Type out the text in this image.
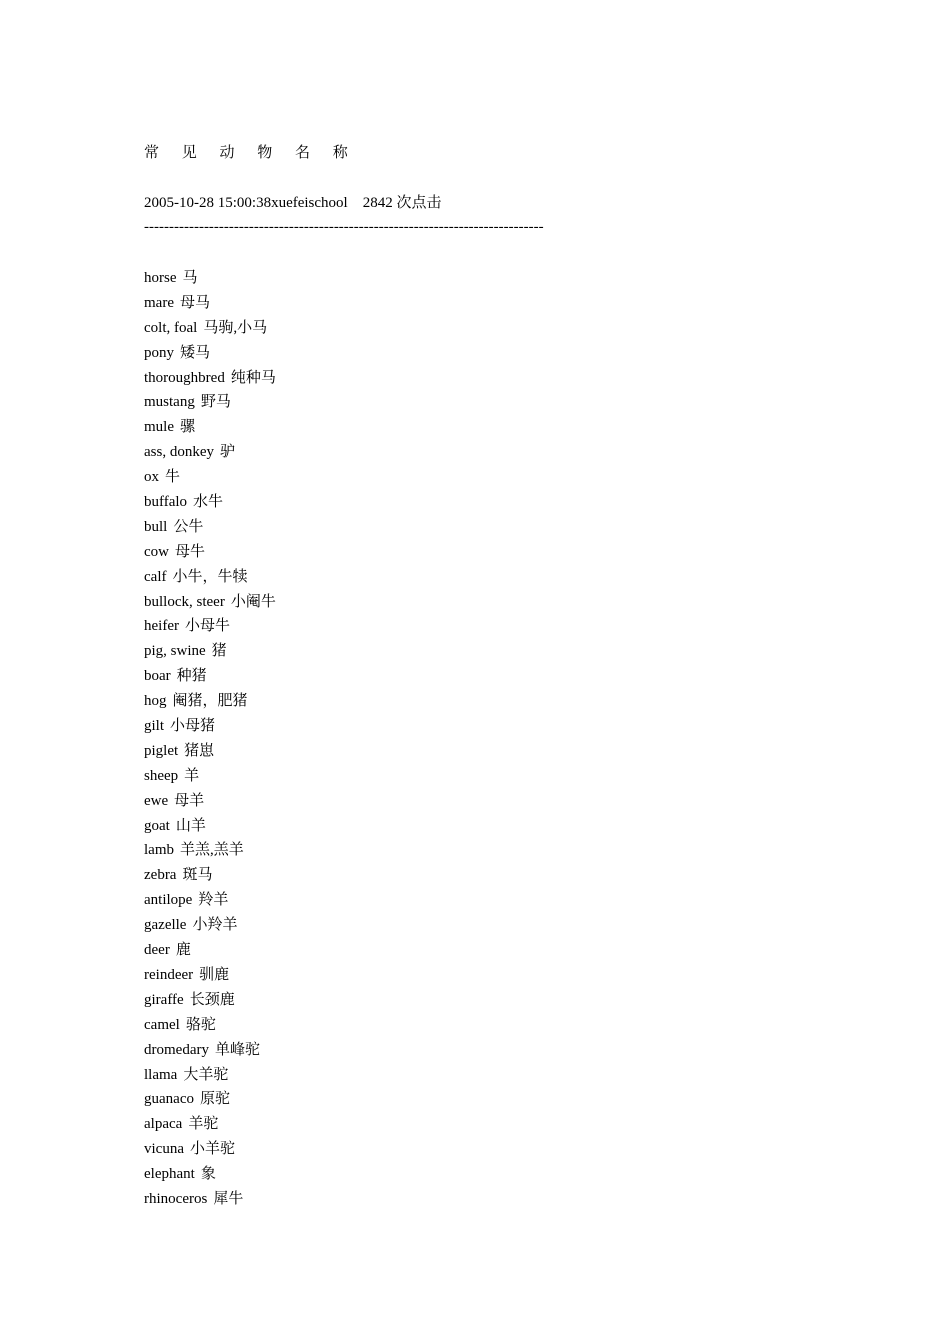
常 见 动 物 名 称
2005-10-28 15:00:38xuefeischool    2842 次点击
--------------------------------------------------------------------------------
horse 马
mare 母马
colt, foal 马驹,小马
pony 矮马
thoroughbred 纯种马
mustang 野马
mule 骡
ass, donkey 驴
ox 牛
buffalo 水牛
bull 公牛
cow 母牛
calf 小牛，牛犊
bullock, steer 小阉牛
heifer 小母牛
pig, swine 猪
boar 种猪
hog 阉猪，肥猪
gilt 小母猪
piglet 猪崽
sheep 羊
ewe 母羊
goat 山羊
lamb 羊羔,羔羊
zebra 斑马
antilope 羚羊
gazelle 小羚羊
deer 鹿
reindeer 驯鹿
giraffe 长颈鹿
camel 骆驼
dromedary 单峰驼
llama 大羊驼
guanaco 原驼
alpaca 羊驼
vicuna 小羊驼
elephant 象
rhinoceros 犀牛
